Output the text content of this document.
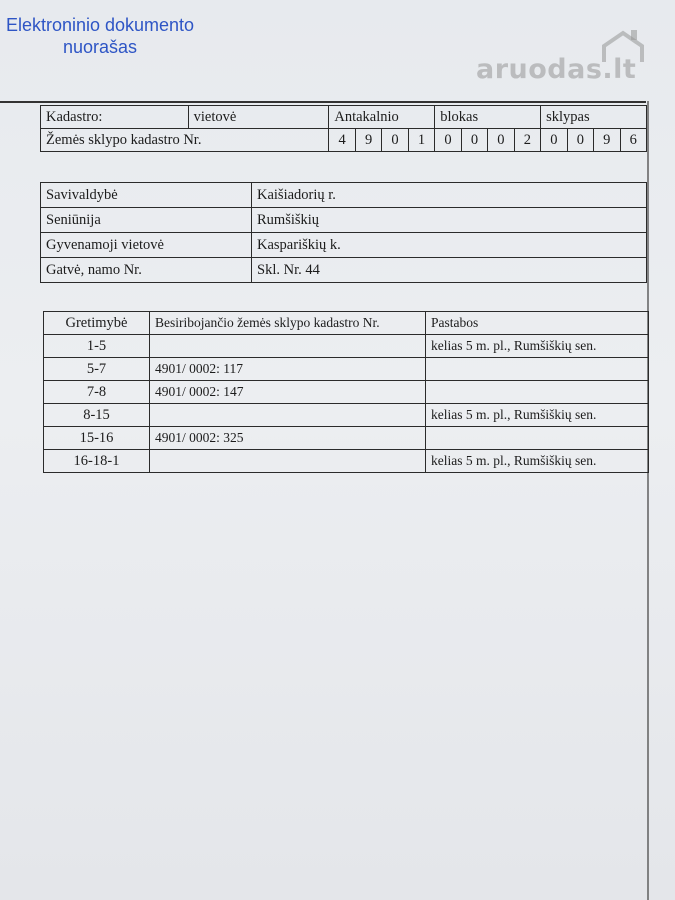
Elektroninio dokumento
nuorašas
aruodas.lt
Kadastro:	vietovė	Antakalnio				blokas				sklypas			
Žemės sklypo kadastro Nr.		4	9	0	1	0	0	0	2	0	0	9	6
Savivaldybė	Kaišiadorių r.
Seniūnija	Rumšiškių
Gyvenamoji vietovė	Kaspariškių k.
Gatvė, namo Nr.	Skl. Nr. 44
Gretimybė	Besiribojančio žemės sklypo kadastro Nr.	Pastabos
1-5		kelias 5 m. pl., Rumšiškių sen.
5-7	4901/ 0002: 117	
7-8	4901/ 0002: 147	
8-15		kelias 5 m. pl., Rumšiškių sen.
15-16	4901/ 0002: 325	
16-18-1		kelias 5 m. pl., Rumšiškių sen.
